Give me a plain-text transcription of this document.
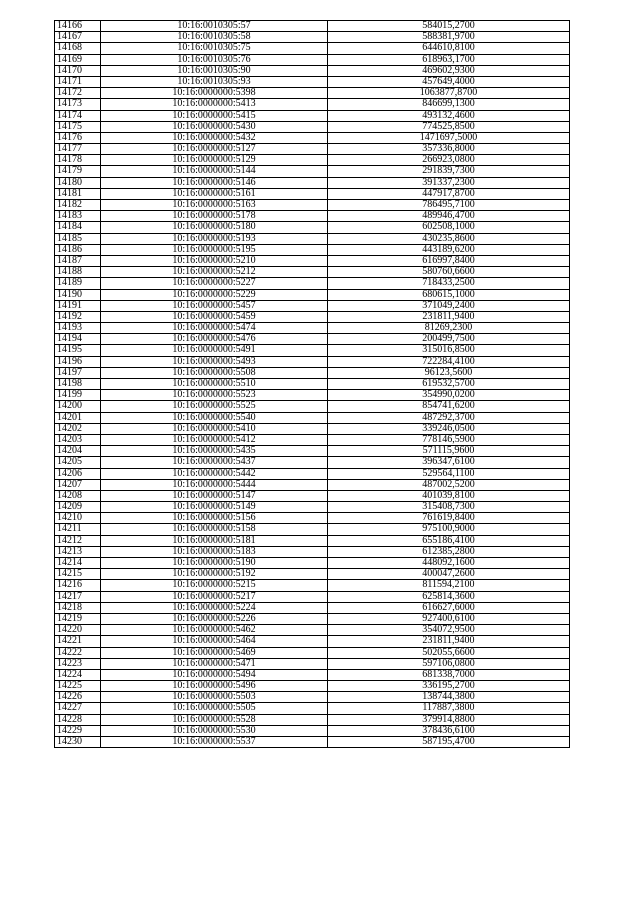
14166	10:16:0010305:57	584015,2700
14167	10:16:0010305:58	588381,9700
14168	10:16:0010305:75	644610,8100
14169	10:16:0010305:76	618963,1700
14170	10:16:0010305:90	469602,9300
14171	10:16:0010305:93	457649,4000
14172	10:16:0000000:5398	1063877,8700
14173	10:16:0000000:5413	846699,1300
14174	10:16:0000000:5415	493132,4600
14175	10:16:0000000:5430	774525,8500
14176	10:16:0000000:5432	1471697,5000
14177	10:16:0000000:5127	357336,8000
14178	10:16:0000000:5129	266923,0800
14179	10:16:0000000:5144	291839,7300
14180	10:16:0000000:5146	391337,2300
14181	10:16:0000000:5161	447917,8700
14182	10:16:0000000:5163	786495,7100
14183	10:16:0000000:5178	489946,4700
14184	10:16:0000000:5180	602508,1000
14185	10:16:0000000:5193	430235,8600
14186	10:16:0000000:5195	443189,6200
14187	10:16:0000000:5210	616997,8400
14188	10:16:0000000:5212	580760,6600
14189	10:16:0000000:5227	718433,2500
14190	10:16:0000000:5229	680615,1000
14191	10:16:0000000:5457	371049,2400
14192	10:16:0000000:5459	231811,9400
14193	10:16:0000000:5474	81269,2300
14194	10:16:0000000:5476	200499,7500
14195	10:16:0000000:5491	315016,8500
14196	10:16:0000000:5493	722284,4100
14197	10:16:0000000:5508	96123,5600
14198	10:16:0000000:5510	619532,5700
14199	10:16:0000000:5523	354990,0200
14200	10:16:0000000:5525	854741,6200
14201	10:16:0000000:5540	487292,3700
14202	10:16:0000000:5410	339246,0500
14203	10:16:0000000:5412	778146,5900
14204	10:16:0000000:5435	571115,9600
14205	10:16:0000000:5437	396347,6100
14206	10:16:0000000:5442	529564,1100
14207	10:16:0000000:5444	487002,5200
14208	10:16:0000000:5147	401039,8100
14209	10:16:0000000:5149	315408,7300
14210	10:16:0000000:5156	761619,8400
14211	10:16:0000000:5158	975100,9000
14212	10:16:0000000:5181	655186,4100
14213	10:16:0000000:5183	612385,2800
14214	10:16:0000000:5190	448092,1600
14215	10:16:0000000:5192	400047,2600
14216	10:16:0000000:5215	811594,2100
14217	10:16:0000000:5217	625814,3600
14218	10:16:0000000:5224	616627,6000
14219	10:16:0000000:5226	927400,6100
14220	10:16:0000000:5462	354072,9500
14221	10:16:0000000:5464	231811,9400
14222	10:16:0000000:5469	502055,6600
14223	10:16:0000000:5471	597106,0800
14224	10:16:0000000:5494	681338,7000
14225	10:16:0000000:5496	336195,2700
14226	10:16:0000000:5503	138744,3800
14227	10:16:0000000:5505	117887,3800
14228	10:16:0000000:5528	379914,8800
14229	10:16:0000000:5530	378436,6100
14230	10:16:0000000:5537	587195,4700
